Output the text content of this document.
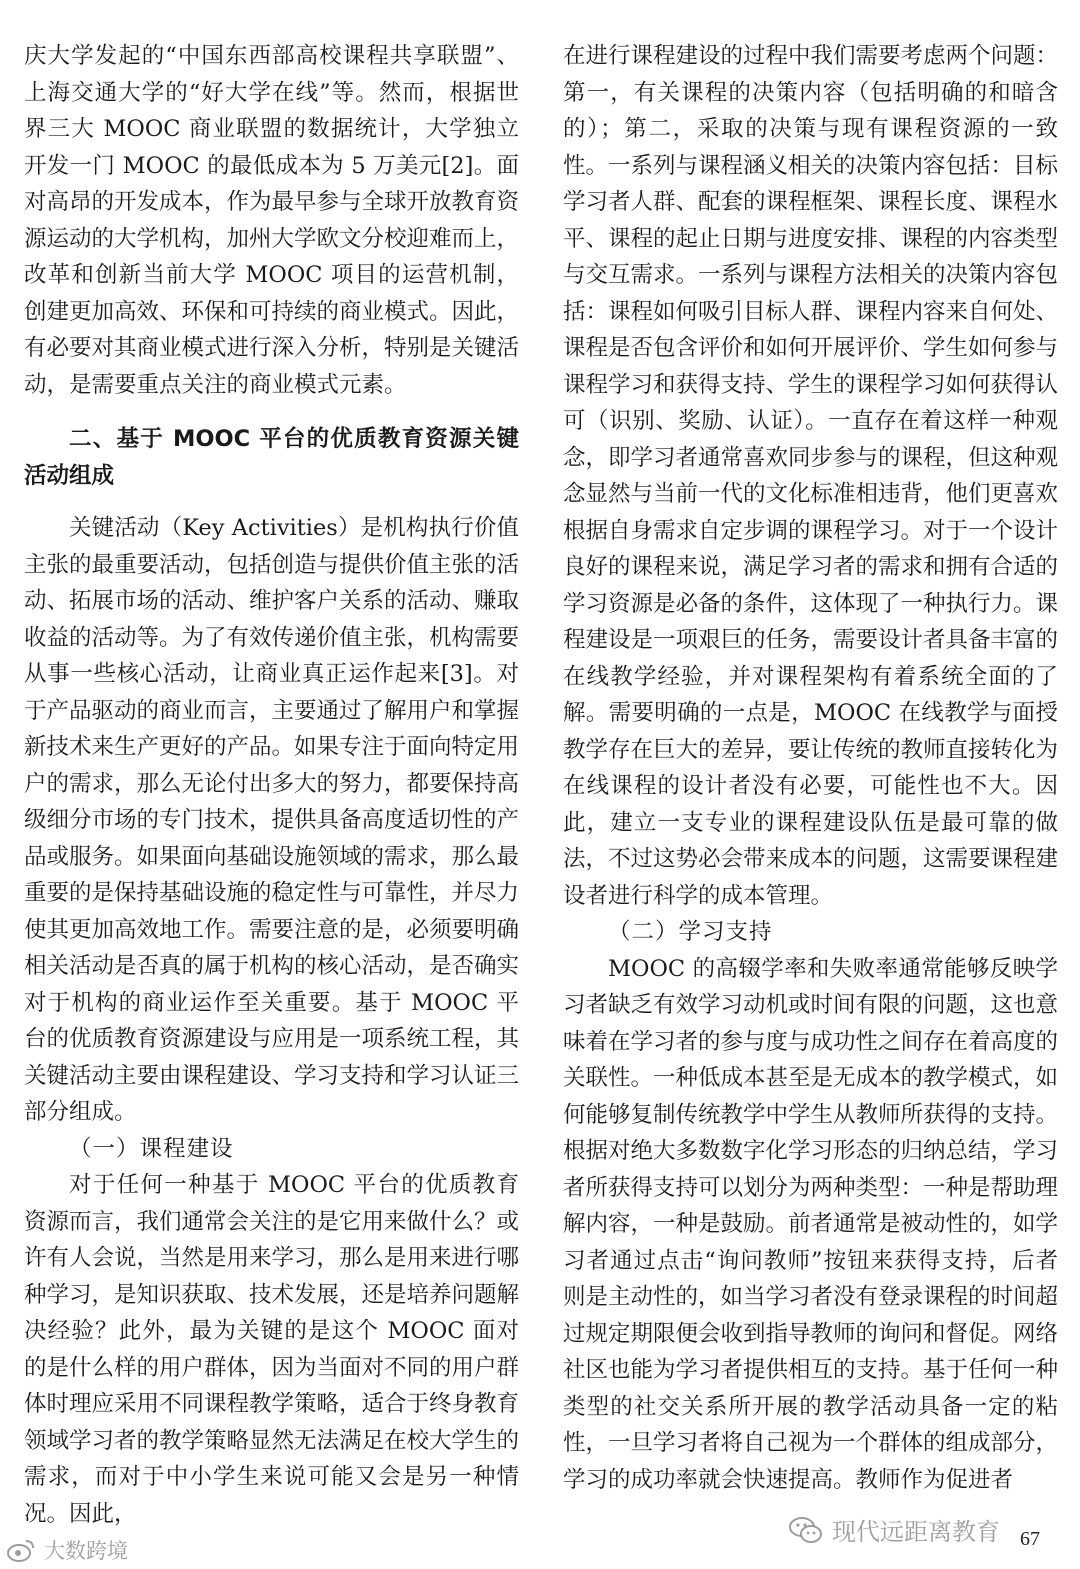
庆大学发起的“中国东西部高校课程共享联盟”、上海交通大学的“好大学在线”等。然而，根据世界三大 MOOC 商业联盟的数据统计，大学独立开发一门 MOOC 的最低成本为 5 万美元[2]。面对高昂的开发成本，作为最早参与全球开放教育资源运动的大学机构，加州大学欧文分校迎难而上，改革和创新当前大学 MOOC 项目的运营机制，创建更加高效、环保和可持续的商业模式。因此，有必要对其商业模式进行深入分析，特别是关键活动，是需要重点关注的商业模式元素。

二、基于 MOOC 平台的优质教育资源关键活动组成

关键活动（Key Activities）是机构执行价值主张的最重要活动，包括创造与提供价值主张的活动、拓展市场的活动、维护客户关系的活动、赚取收益的活动等。为了有效传递价值主张，机构需要从事一些核心活动，让商业真正运作起来[3]。对于产品驱动的商业而言，主要通过了解用户和掌握新技术来生产更好的产品。如果专注于面向特定用户的需求，那么无论付出多大的努力，都要保持高级细分市场的专门技术，提供具备高度适切性的产品或服务。如果面向基础设施领域的需求，那么最重要的是保持基础设施的稳定性与可靠性，并尽力使其更加高效地工作。需要注意的是，必须要明确相关活动是否真的属于机构的核心活动，是否确实对于机构的商业运作至关重要。基于 MOOC 平台的优质教育资源建设与应用是一项系统工程，其关键活动主要由课程建设、学习支持和学习认证三部分组成。

（一）课程建设

对于任何一种基于 MOOC 平台的优质教育资源而言，我们通常会关注的是它用来做什么？或许有人会说，当然是用来学习，那么是用来进行哪种学习，是知识获取、技术发展，还是培养问题解决经验？此外，最为关键的是这个 MOOC 面对的是什么样的用户群体，因为当面对不同的用户群体时理应采用不同课程教学策略，适合于终身教育领域学习者的教学策略显然无法满足在校大学生的需求，而对于中小学生来说可能又会是另一种情况。因此，

在进行课程建设的过程中我们需要考虑两个问题：第一，有关课程的决策内容（包括明确的和暗含的）；第二，采取的决策与现有课程资源的一致性。一系列与课程涵义相关的决策内容包括：目标学习者人群、配套的课程框架、课程长度、课程水平、课程的起止日期与进度安排、课程的内容类型与交互需求。一系列与课程方法相关的决策内容包括：课程如何吸引目标人群、课程内容来自何处、课程是否包含评价和如何开展评价、学生如何参与课程学习和获得支持、学生的课程学习如何获得认可（识别、奖励、认证）。一直存在着这样一种观念，即学习者通常喜欢同步参与的课程，但这种观念显然与当前一代的文化标准相违背，他们更喜欢根据自身需求自定步调的课程学习。对于一个设计良好的课程来说，满足学习者的需求和拥有合适的学习资源是必备的条件，这体现了一种执行力。课程建设是一项艰巨的任务，需要设计者具备丰富的在线教学经验，并对课程架构有着系统全面的了解。需要明确的一点是，MOOC 在线教学与面授教学存在巨大的差异，要让传统的教师直接转化为在线课程的设计者没有必要，可能性也不大。因此，建立一支专业的课程建设队伍是最可靠的做法，不过这势必会带来成本的问题，这需要课程建设者进行科学的成本管理。

（二）学习支持

MOOC 的高辍学率和失败率通常能够反映学习者缺乏有效学习动机或时间有限的问题，这也意味着在学习者的参与度与成功性之间存在着高度的关联性。一种低成本甚至是无成本的教学模式，如何能够复制传统教学中学生从教师所获得的支持。根据对绝大多数数字化学习形态的归纳总结，学习者所获得支持可以划分为两种类型：一种是帮助理解内容，一种是鼓励。前者通常是被动性的，如学习者通过点击“询问教师”按钮来获得支持，后者则是主动性的，如当学习者没有登录课程的时间超过规定期限便会收到指导教师的询问和督促。网络社区也能为学习者提供相互的支持。基于任何一种类型的社交关系所开展的教学活动具备一定的粘性，一旦学习者将自己视为一个群体的组成部分，学习的成功率就会快速提高。教师作为促进者

67
大数跨境
现代远距离教育
